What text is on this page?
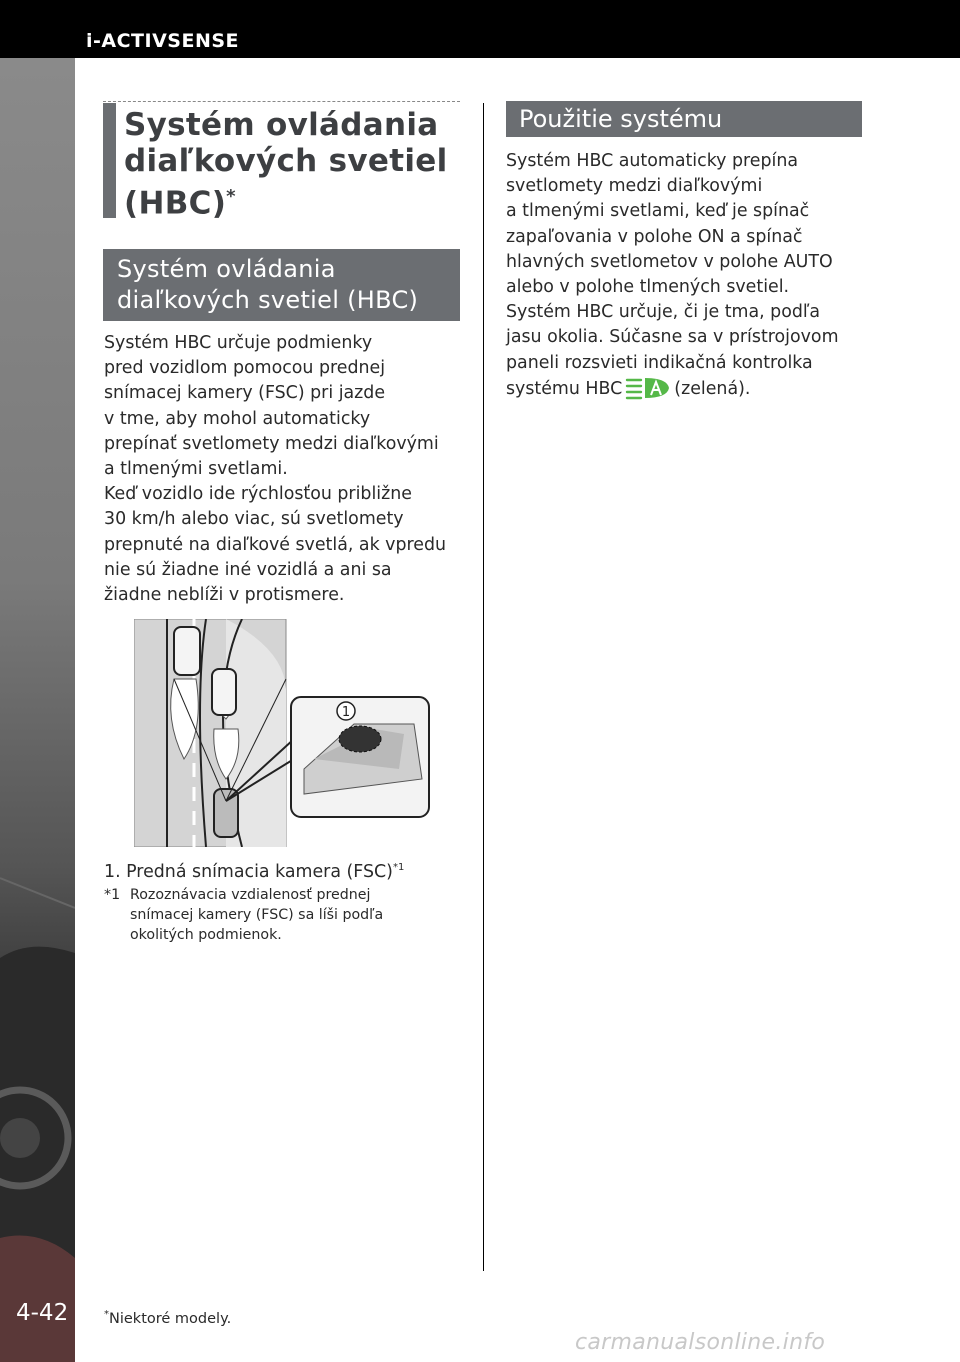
i-ACTIVSENSE
4-42
Systém ovládania
diaľkových svetiel
(HBC)*
Systém ovládania
diaľkových svetiel (HBC)
Systém HBC určuje podmienky
pred vozidlom pomocou prednej
snímacej kamery (FSC) pri jazde
v tme, aby mohol automaticky
prepínať svetlomety medzi diaľkovými
a tlmenými svetlami.
Keď vozidlo ide rýchlosťou približne
30 km/h alebo viac, sú svetlomety
prepnuté na diaľkové svetlá, ak vpredu
nie sú žiadne iné vozidlá a ani sa
žiadne neblíži v protismere.
1
1. Predná snímacia kamera (FSC)$^{*1}$
*1 Rozoznávacia vzdialenosť prednej
snímacej kamery (FSC) sa líši podľa
okolitých podmienok.
Použitie systému
Systém HBC automaticky prepína
svetlomety medzi diaľkovými
a tlmenými svetlami, keď je spínač
zapaľovania v polohe ON a spínač
hlavných svetlometov v polohe AUTO
alebo v polohe tlmených svetiel.
Systém HBC určuje, či je tma, podľa
jasu okolia. Súčasne sa v prístrojovom
paneli rozsvieti indikačná kontrolka
systému HBC	(zelená).
*Niektoré modely.
carmanualsonline.info
